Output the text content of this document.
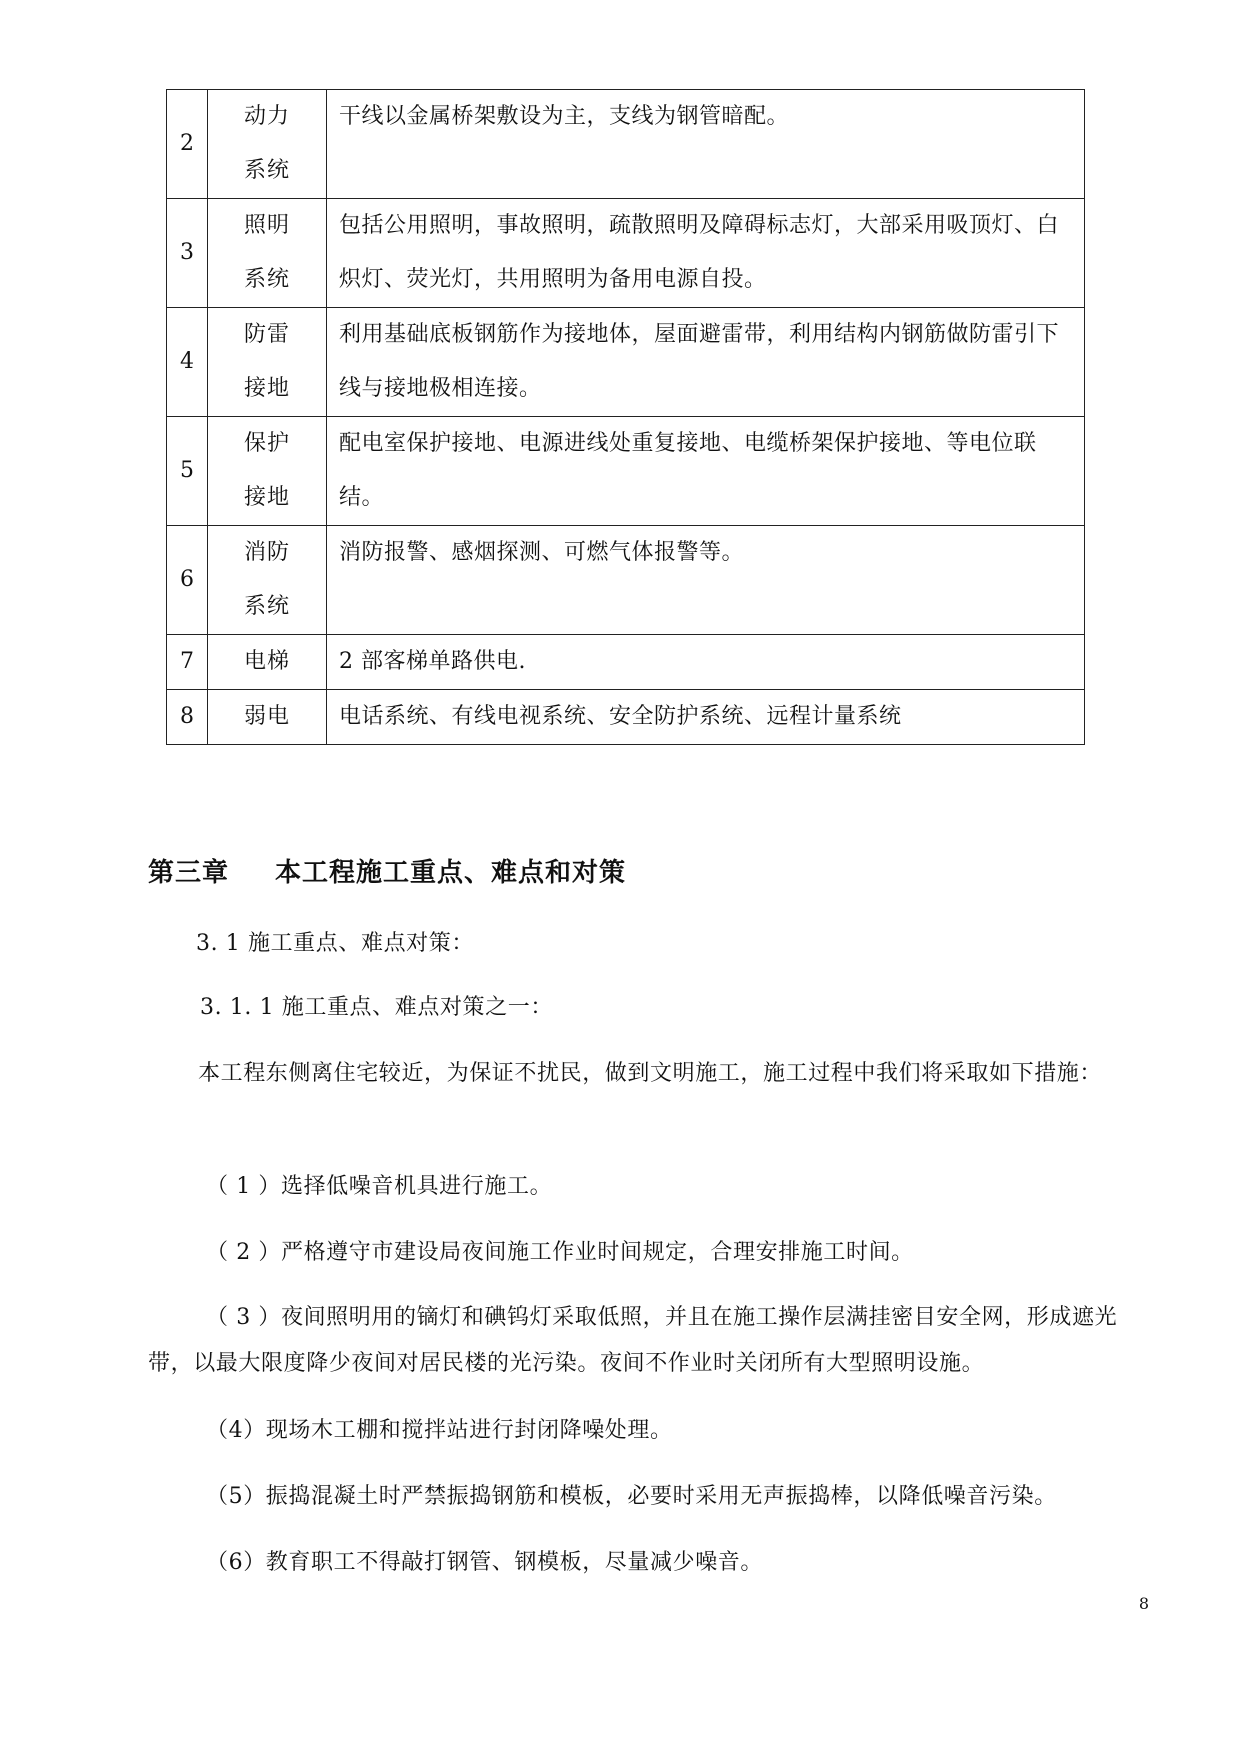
2	动力系统	干线以金属桥架敷设为主，支线为钢管暗配。
3	照明系统	包括公用照明，事故照明，疏散照明及障碍标志灯，大部采用吸顶灯、白炽灯、荧光灯，共用照明为备用电源自投。
4	防雷接地	利用基础底板钢筋作为接地体，屋面避雷带，利用结构内钢筋做防雷引下线与接地极相连接。
5	保护接地	配电室保护接地、电源进线处重复接地、电缆桥架保护接地、等电位联结。
6	消防系统	消防报警、感烟探测、可燃气体报警等。
7	电梯	2 部客梯单路供电.
8	弱电	电话系统、有线电视系统、安全防护系统、远程计量系统
第三章 本工程施工重点、难点和对策
3. 1 施工重点、难点对策：
3. 1. 1 施工重点、难点对策之一：
本工程东侧离住宅较近，为保证不扰民，做到文明施工，施工过程中我们将采取如下措施：
（ 1 ）选择低噪音机具进行施工。
（ 2 ）严格遵守市建设局夜间施工作业时间规定，合理安排施工时间。
（ 3 ）夜间照明用的镝灯和碘钨灯采取低照，并且在施工操作层满挂密目安全网，形成遮光带，以最大限度降少夜间对居民楼的光污染。夜间不作业时关闭所有大型照明设施。
（4）现场木工棚和搅拌站进行封闭降噪处理。
（5）振捣混凝土时严禁振捣钢筋和模板，必要时采用无声振捣棒，以降低噪音污染。
（6）教育职工不得敲打钢管、钢模板，尽量减少噪音。
8
